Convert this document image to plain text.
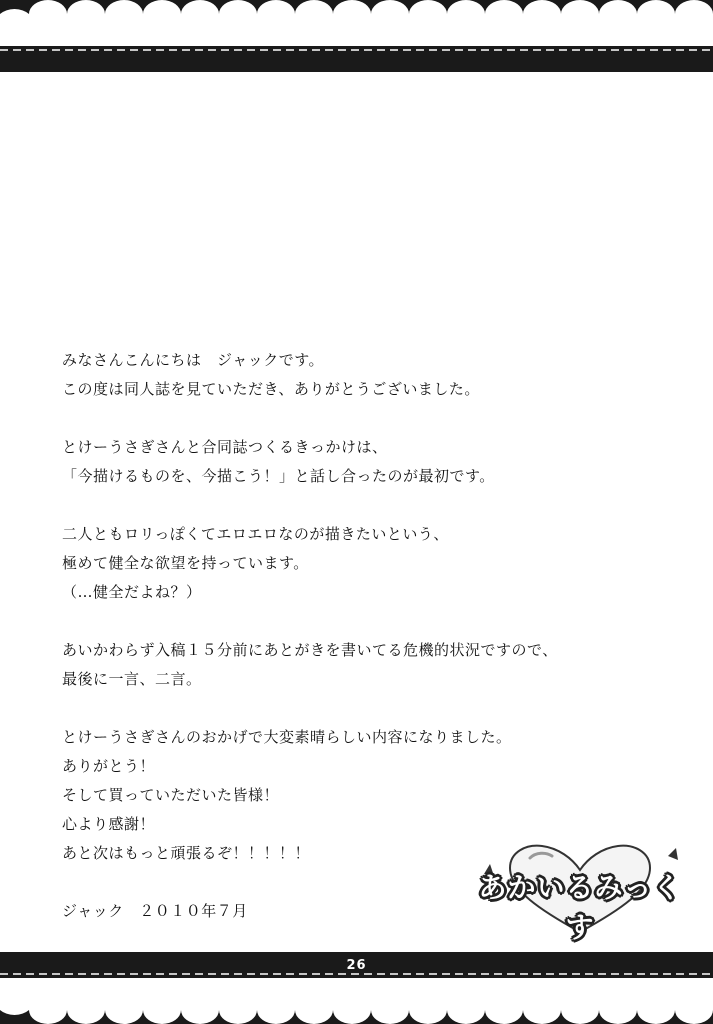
みなさんこんにちは　ジャックです。
この度は同人誌を見ていただき、ありがとうございました。
とけーうさぎさんと合同誌つくるきっかけは、
「今描けるものを、今描こう！」と話し合ったのが最初です。
二人ともロリっぽくてエロエロなのが描きたいという、
極めて健全な欲望を持っています。
（…健全だよね？）
あいかわらず入稿１５分前にあとがきを書いてる危機的状況ですので、
最後に一言、二言。
とけーうさぎさんのおかげで大変素晴らしい内容になりました。
ありがとう！
そして買っていただいた皆様！
心より感謝！
あと次はもっと頑張るぞ！！！！！
ジャック　２０１０年７月
あかいるみっくす
26
